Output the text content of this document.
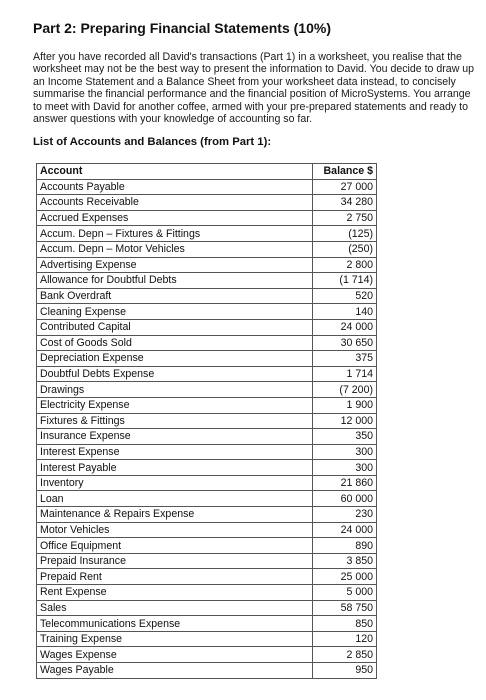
Part 2: Preparing Financial Statements (10%)

After you have recorded all David's transactions (Part 1) in a worksheet, you realise that the worksheet may not be the best way to present the information to David. You decide to draw up an Income Statement and a Balance Sheet from your worksheet data instead, to concisely summarise the financial performance and the financial position of MicroSystems. You arrange to meet with David for another coffee, armed with your pre-prepared statements and ready to answer questions with your knowledge of accounting so far.

List of Accounts and Balances (from Part 1):
Account	Balance $
Accounts Payable	27 000
Accounts Receivable	34 280
Accrued Expenses	2 750
Accum. Depn – Fixtures & Fittings	(125)
Accum. Depn – Motor Vehicles	(250)
Advertising Expense	2 800
Allowance for Doubtful Debts	(1 714)
Bank Overdraft	520
Cleaning Expense	140
Contributed Capital	24 000
Cost of Goods Sold	30 650
Depreciation Expense	375
Doubtful Debts Expense	1 714
Drawings	(7 200)
Electricity Expense	1 900
Fixtures & Fittings	12 000
Insurance Expense	350
Interest Expense	300
Interest Payable	300
Inventory	21 860
Loan	60 000
Maintenance & Repairs Expense	230
Motor Vehicles	24 000
Office Equipment	890
Prepaid Insurance	3 850
Prepaid Rent	25 000
Rent Expense	5 000
Sales	58 750
Telecommunications Expense	850
Training Expense	120
Wages Expense	2 850
Wages Payable	950
